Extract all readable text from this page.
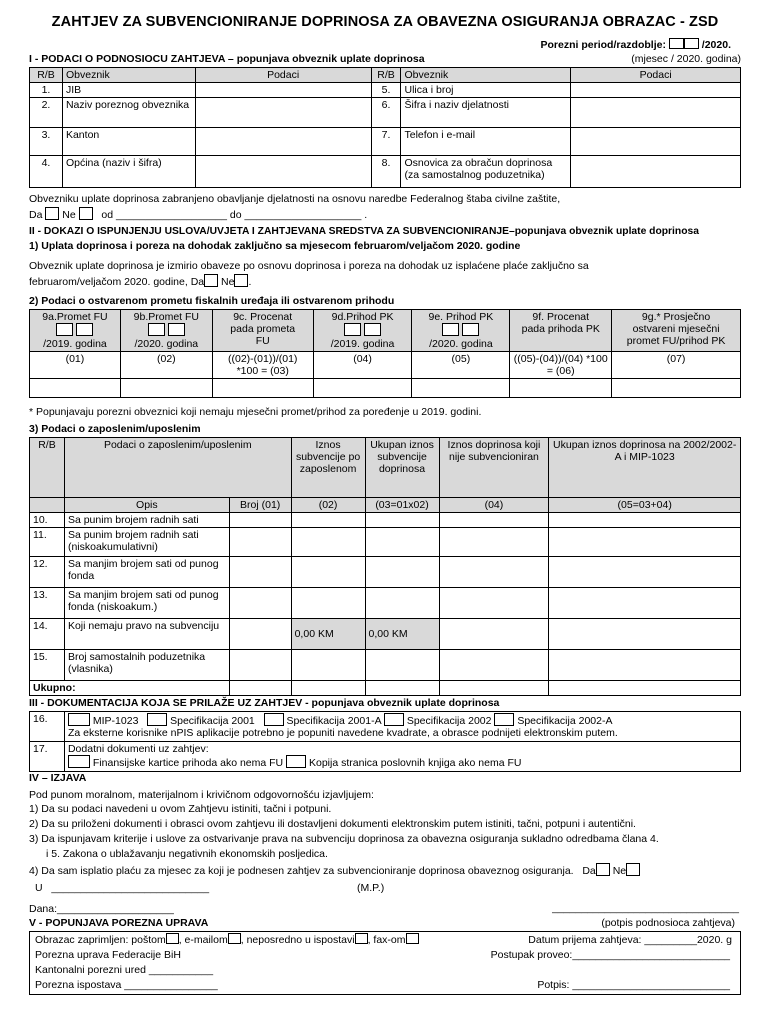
ZAHTJEV ZA SUBVENCIONIRANJE DOPRINOSA ZA OBAVEZNA OSIGURANJA OBRAZAC - ZSD
Porezni period/razdoblje:	/2020.
I - PODACI O PODNOSIOCU ZAHTJEVA – popunjava obveznik uplate doprinosa	(mjesec / 2020. godina)
R/B	Obveznik	Podaci	R/B	Obveznik	Podaci
1.	JIB		5.	Ulica i broj	
2.	Naziv poreznog obveznika		6.	Šifra i naziv djelatnosti	
3.	Kanton		7.	Telefon i e-mail	
4.	Općina (naziv i šifra)		8.	Osnovica za obračun doprinosa (za samostalnog poduzetnika)	
Obvezniku uplate doprinosa zabranjeno obavljanje djelatnosti na osnovu naredbe Federalnog štaba civilne zaštite,
Da Ne od ___________________ do ____________________ .
II - DOKAZI O ISPUNJENJU USLOVA/UVJETA I ZAHTJEVANA SREDSTVA ZA SUBVENCIONIRANJE–popunjava obveznik uplate doprinosa
1) Uplata doprinosa i poreza na dohodak zaključno sa mjesecom februarom/veljačom 2020. godine
Obveznik uplate doprinosa je izmirio obaveze po osnovu doprinosa i poreza na dohodak uz isplaćene plaće zaključno sa
februarom/veljačom 2020. godine, Da Ne .
2) Podaci o ostvarenom prometu fiskalnih uređaja ili ostvarenom prihodu
9a.Promet FU

/2019. godina	9b.Promet FU

/2020. godina	9c. Procenat
pada prometa
FU	9d.Prihod PK

/2019. godina	9e. Prihod PK

/2020. godina	9f. Procenat
pada prihoda PK	9g.* Prosječno
ostvareni mjesečni
promet FU/prihod PK
(01)	(02)	((02)-(01))/(01) *100 = (03)	(04)	(05)	((05)-(04))/(04) *100 = (06)	(07)

* Popunjavaju porezni obveznici koji nemaju mjesečni promet/prihod za poređenje u 2019. godini.
3) Podaci o zaposlenim/uposlenim
R/B	Podaci o zaposlenim/uposlenim		Iznos subvencije po zaposlenom	Ukupan iznos subvencije doprinosa	Iznos doprinosa koji nije subvencioniran	Ukupan iznos doprinosa na 2002/2002-A i MIP-1023
	Opis	Broj (01)	(02)	(03=01x02)	(04)	(05=03+04)
10.	Sa punim brojem radnih sati					
11.	Sa punim brojem radnih sati (niskoakumulativni)					
12.	Sa manjim brojem sati od punog fonda					
13.	Sa manjim brojem sati od punog fonda (niskoakum.)					
14.	Koji nemaju pravo na subvenciju		0,00 KM	0,00 KM		
15.	Broj samostalnih poduzetnika (vlasnika)					
Ukupno:						
III - DOKUMENTACIJA KOJA SE PRILAŽE UZ ZAHTJEV - popunjava obveznik uplate doprinosa
16.	MIP-1023 Specifikacija 2001 Specifikacija 2001-A Specifikacija 2002 Specifikacija 2002-A
Za eksterne korisnike nPIS aplikacije potrebno je popuniti navedene kvadrate, a obrasce podnijeti elektronskim putem.
17.	Dodatni dokumenti uz zahtjev:
Finansijske kartice prihoda ako nema FU Kopija stranica poslovnih knjiga ako nema FU
IV – IZJAVA
Pod punom moralnom, materijalnom i krivičnom odgovornošću izjavljujem:
1) Da su podaci navedeni u ovom Zahtjevu istiniti, tačni i potpuni.
2) Da su priloženi dokumenti i obrasci ovom zahtjevu ili dostavljeni dokumenti elektronskim putem istiniti, tačni, potpuni i autentični.
3) Da ispunjavam kriterije i uslove za ostvarivanje prava na subvenciju doprinosa za obavezna osiguranja sukladno odredbama člana 4.
i 5. Zakona o ublažavanju negativnih ekonomskih posljedica.
4) Da sam isplatio plaću za mjesec za koji je podnesen zahtjev za subvencioniranje doprinosa obaveznog osiguranja. Da Ne
U ___________________________	(M.P.)
Dana:____________________	________________________________
(potpis podnosioca zahtjeva)
V - POPUNJAVA POREZNA UPRAVA
Obrazac zaprimljen: poštom , e-mailom , neposredno u ispostavi , fax-om	Datum prijema zahtjeva: _________2020. g
Porezna uprava Federacije BiH	Postupak proveo:___________________________
Kantonalni porezni ured ___________
Porezna ispostava ________________	Potpis: ___________________________
